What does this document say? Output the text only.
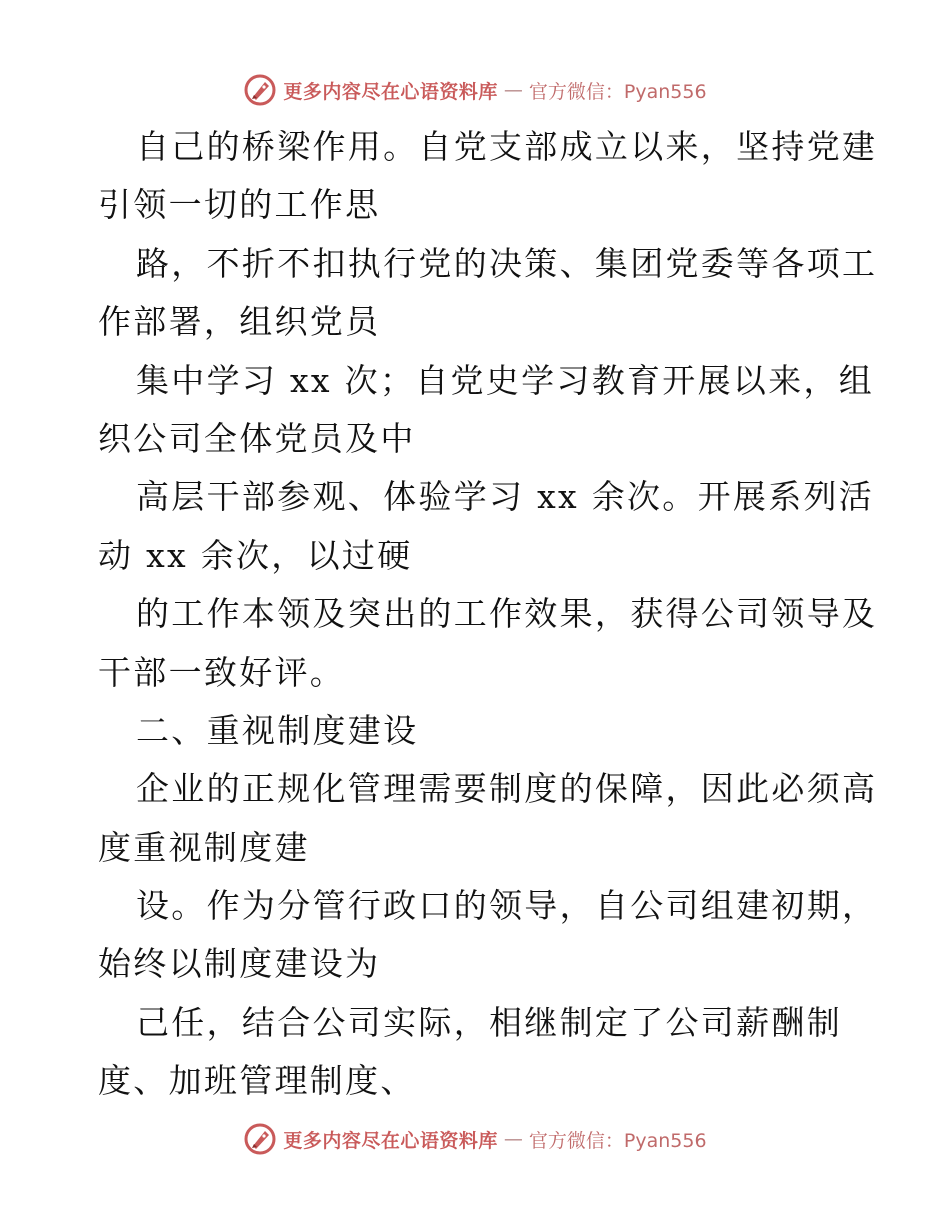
更多内容尽在心语资料库 — 官方微信：Pyan556
自己的桥梁作用。自党支部成立以来，坚持党建
引领一切的工作思
路，不折不扣执行党的决策、集团党委等各项工
作部署，组织党员
集中学习 xx 次；自党史学习教育开展以来，组
织公司全体党员及中
高层干部参观、体验学习 xx 余次。开展系列活
动 xx 余次，以过硬
的工作本领及突出的工作效果，获得公司领导及
干部一致好评。
二、重视制度建设
企业的正规化管理需要制度的保障，因此必须高
度重视制度建
设。作为分管行政口的领导，自公司组建初期，
始终以制度建设为
己任，结合公司实际，相继制定了公司薪酬制
度、加班管理制度、
更多内容尽在心语资料库 — 官方微信：Pyan556
